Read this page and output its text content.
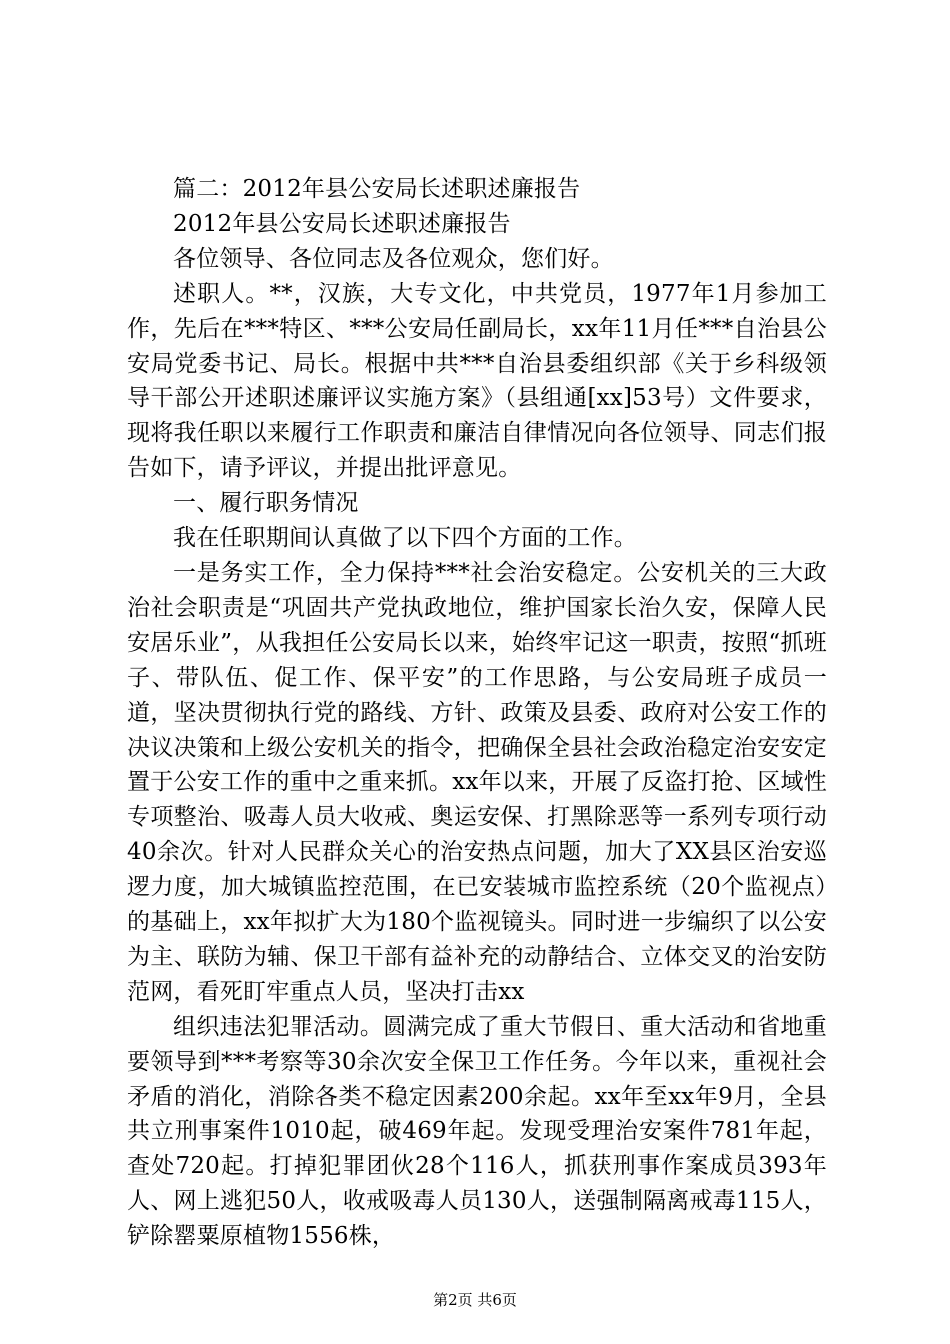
篇二：2012年县公安局长述职述廉报告

2012年县公安局长述职述廉报告

各位领导、各位同志及各位观众，您们好。

述职人。**，汉族，大专文化，中共党员，1977年1月参加工作，先后在***特区、***公安局任副局长，xx年11月任***自治县公安局党委书记、局长。根据中共***自治县委组织部《关于乡科级领导干部公开述职述廉评议实施方案》（县组通[xx]53号）文件要求，现将我任职以来履行工作职责和廉洁自律情况向各位领导、同志们报告如下，请予评议，并提出批评意见。

一、履行职务情况

我在任职期间认真做了以下四个方面的工作。

一是务实工作，全力保持***社会治安稳定。公安机关的三大政治社会职责是“巩固共产党执政地位，维护国家长治久安，保障人民安居乐业”，从我担任公安局长以来，始终牢记这一职责，按照“抓班子、带队伍、促工作、保平安”的工作思路，与公安局班子成员一道，坚决贯彻执行党的路线、方针、政策及县委、政府对公安工作的决议决策和上级公安机关的指令，把确保全县社会政治稳定治安安定置于公安工作的重中之重来抓。xx年以来，开展了反盗打抢、区域性专项整治、吸毒人员大收戒、奥运安保、打黑除恶等一系列专项行动40余次。针对人民群众关心的治安热点问题，加大了XX县区治安巡逻力度，加大城镇监控范围，在已安装城市监控系统（20个监视点）的基础上，xx年拟扩大为180个监视镜头。同时进一步编织了以公安为主、联防为辅、保卫干部有益补充的动静结合、立体交叉的治安防范网，看死盯牢重点人员，坚决打击xx

组织违法犯罪活动。圆满完成了重大节假日、重大活动和省地重要领导到***考察等30余次安全保卫工作任务。今年以来，重视社会矛盾的消化，消除各类不稳定因素200余起。xx年至xx年9月，全县共立刑事案件1010起，破469年起。发现受理治安案件781年起，查处720起。打掉犯罪团伙28个116人，抓获刑事作案成员393年人、网上逃犯50人，收戒吸毒人员130人，送强制隔离戒毒115人，铲除罂粟原植物1556株，

第2页 共6页
